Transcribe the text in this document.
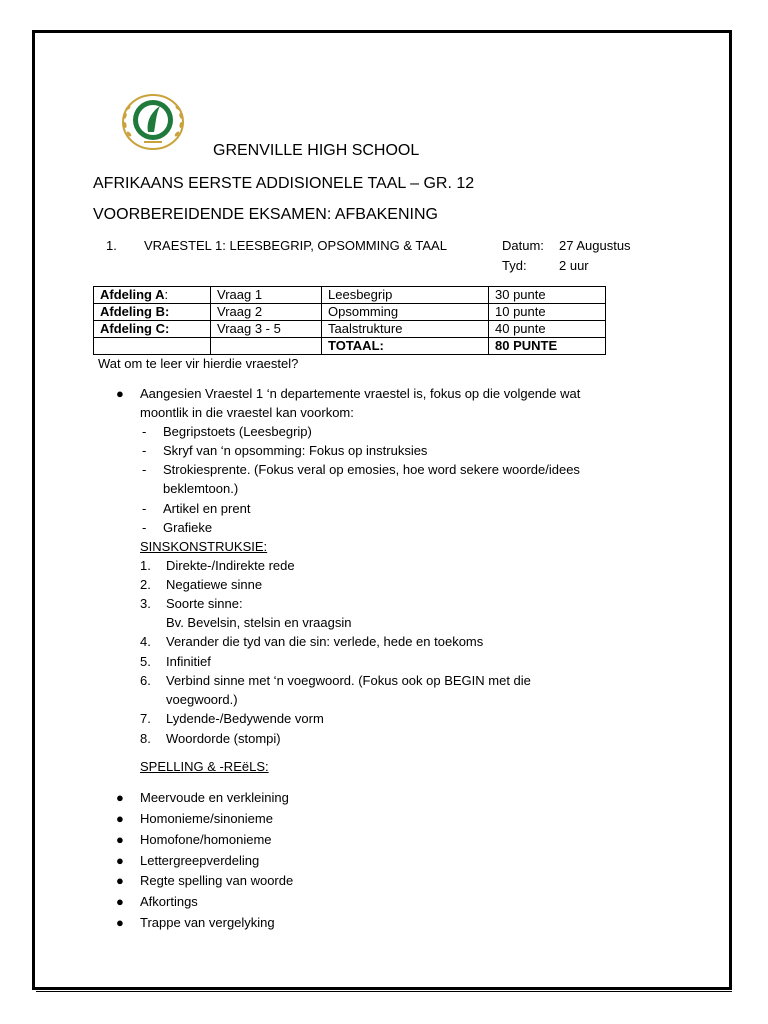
GRENVILLE HIGH SCHOOL
AFRIKAANS EERSTE ADDISIONELE TAAL – GR. 12
VOORBEREIDENDE EKSAMEN: AFBAKENING
1. VRAESTEL 1: LEESBEGRIP, OPSOMMING & TAAL	Datum: 27 Augustus
Tyd: 2 uur
Afdeling A:	Vraag 1	Leesbegrip	30 punte
Afdeling B:	Vraag 2	Opsomming	10 punte
Afdeling C:	Vraag 3 - 5	Taalstrukture	40 punte
		TOTAAL:	80 PUNTE
Wat om te leer vir hierdie vraestel?
● Aangesien Vraestel 1 ‘n departemente vraestel is, fokus op die volgende wat
moontlik in die vraestel kan voorkom:
- Begripstoets (Leesbegrip)
- Skryf van ‘n opsomming: Fokus op instruksies
- Strokiesprente. (Fokus veral op emosies, hoe word sekere woorde/idees
beklemtoon.)
- Artikel en prent
- Grafieke
SINSKONSTRUKSIE:
1. Direkte-/Indirekte rede
2. Negatiewe sinne
3. Soorte sinne:
Bv. Bevelsin, stelsin en vraagsin
4. Verander die tyd van die sin: verlede, hede en toekoms
5. Infinitief
6. Verbind sinne met ‘n voegwoord. (Fokus ook op BEGIN met die
voegwoord.)
7. Lydende-/Bedywende vorm
8. Woordorde (stompi)
SPELLING & -REëLS:
● Meervoude en verkleining
● Homonieme/sinonieme
● Homofone/homonieme
● Lettergreepverdeling
● Regte spelling van woorde
● Afkortings
● Trappe van vergelyking
